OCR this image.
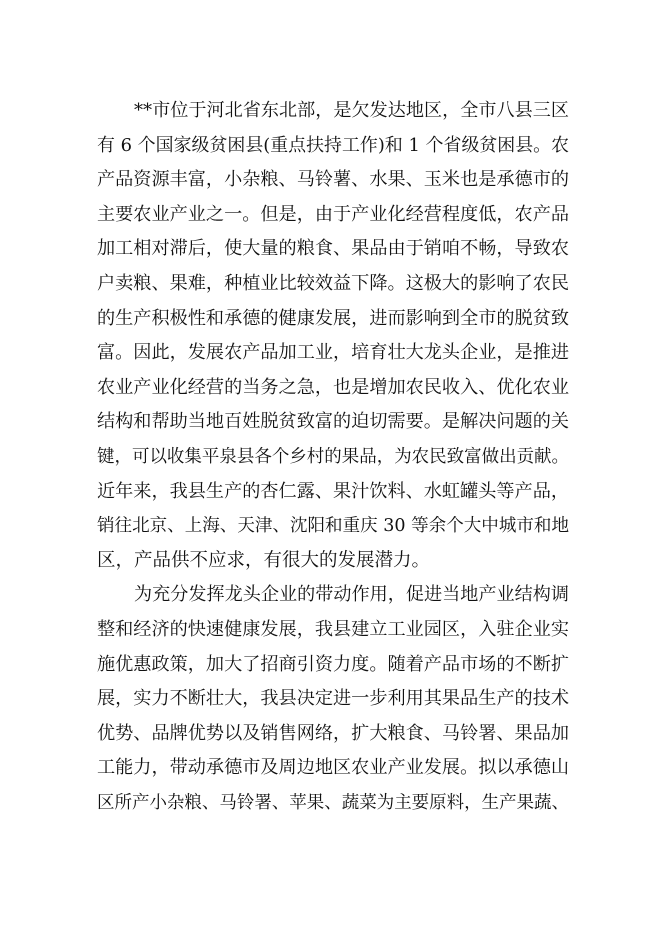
**市位于河北省东北部，是欠发达地区，全市八县三区
有 6 个国家级贫困县(重点扶持工作)和 1 个省级贫困县。农
产品资源丰富，小杂粮、马铃薯、水果、玉米也是承德市的
主要农业产业之一。但是，由于产业化经营程度低，农产品
加工相对滞后，使大量的粮食、果品由于销咱不畅，导致农
户卖粮、果难，种植业比较效益下降。这极大的影响了农民
的生产积极性和承德的健康发展，进而影响到全市的脱贫致
富。因此，发展农产品加工业，培育壮大龙头企业，是推进
农业产业化经营的当务之急，也是增加农民收入、优化农业
结构和帮助当地百姓脱贫致富的迫切需要。是解决问题的关
键，可以收集平泉县各个乡村的果品，为农民致富做出贡献。
近年来，我县生产的杏仁露、果汁饮料、水虹罐头等产品，
销往北京、上海、天津、沈阳和重庆 30 等余个大中城市和地
区，产品供不应求，有很大的发展潜力。
为充分发挥龙头企业的带动作用，促进当地产业结构调
整和经济的快速健康发展，我县建立工业园区，入驻企业实
施优惠政策，加大了招商引资力度。随着产品市场的不断扩
展，实力不断壮大，我县决定进一步利用其果品生产的技术
优势、品牌优势以及销售网络，扩大粮食、马铃署、果品加
工能力，带动承德市及周边地区农业产业发展。拟以承德山
区所产小杂粮、马铃署、苹果、蔬菜为主要原料，生产果蔬、
